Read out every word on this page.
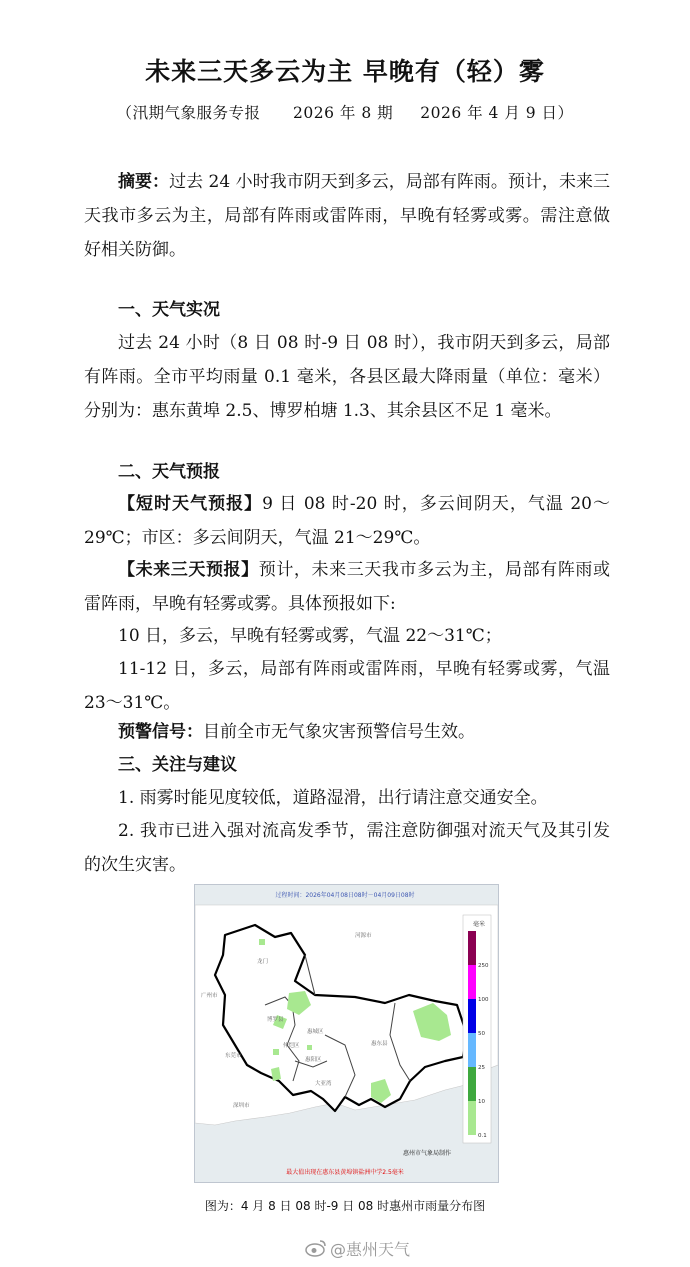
未来三天多云为主 早晚有（轻）雾
（汛期气象服务专报      2026 年 8 期     2026 年 4 月 9 日）
摘要：过去 24 小时我市阴天到多云，局部有阵雨。预计，未来三天我市多云为主，局部有阵雨或雷阵雨，早晚有轻雾或雾。需注意做好相关防御。
一、天气实况
过去 24 小时（8 日 08 时-9 日 08 时），我市阴天到多云，局部有阵雨。全市平均雨量 0.1 毫米，各县区最大降雨量（单位：毫米）分别为：惠东黄埠 2.5、博罗柏塘 1.3、其余县区不足 1 毫米。
二、天气预报
【短时天气预报】9 日 08 时-20 时，多云间阴天，气温 20～29℃；市区：多云间阴天，气温 21～29℃。
【未来三天预报】预计，未来三天我市多云为主，局部有阵雨或雷阵雨，早晚有轻雾或雾。具体预报如下:
10 日，多云，早晚有轻雾或雾，气温 22～31℃；
11-12 日，多云，局部有阵雨或雷阵雨，早晚有轻雾或雾，气温 23～31℃。
预警信号：目前全市无气象灾害预警信号生效。
三、关注与建议
1. 雨雾时能见度较低，道路湿滑，出行请注意交通安全。
2. 我市已进入强对流高发季节，需注意防御强对流天气及其引发的次生灾害。
过程时间：2026年04月08日08时－04月09日08时
河源市
龙门
广州市
博罗县
惠城区
惠阳区
仲恺区	惠东县
大亚湾
深圳市
东莞市
毫米
250
100
50
25
10
0.1
惠州市气象局制作
最大值出现在惠东县黄埠镇盐洲中学2.5毫米
图为：4 月 8 日 08 时-9 日 08 时惠州市雨量分布图
@惠州天气
